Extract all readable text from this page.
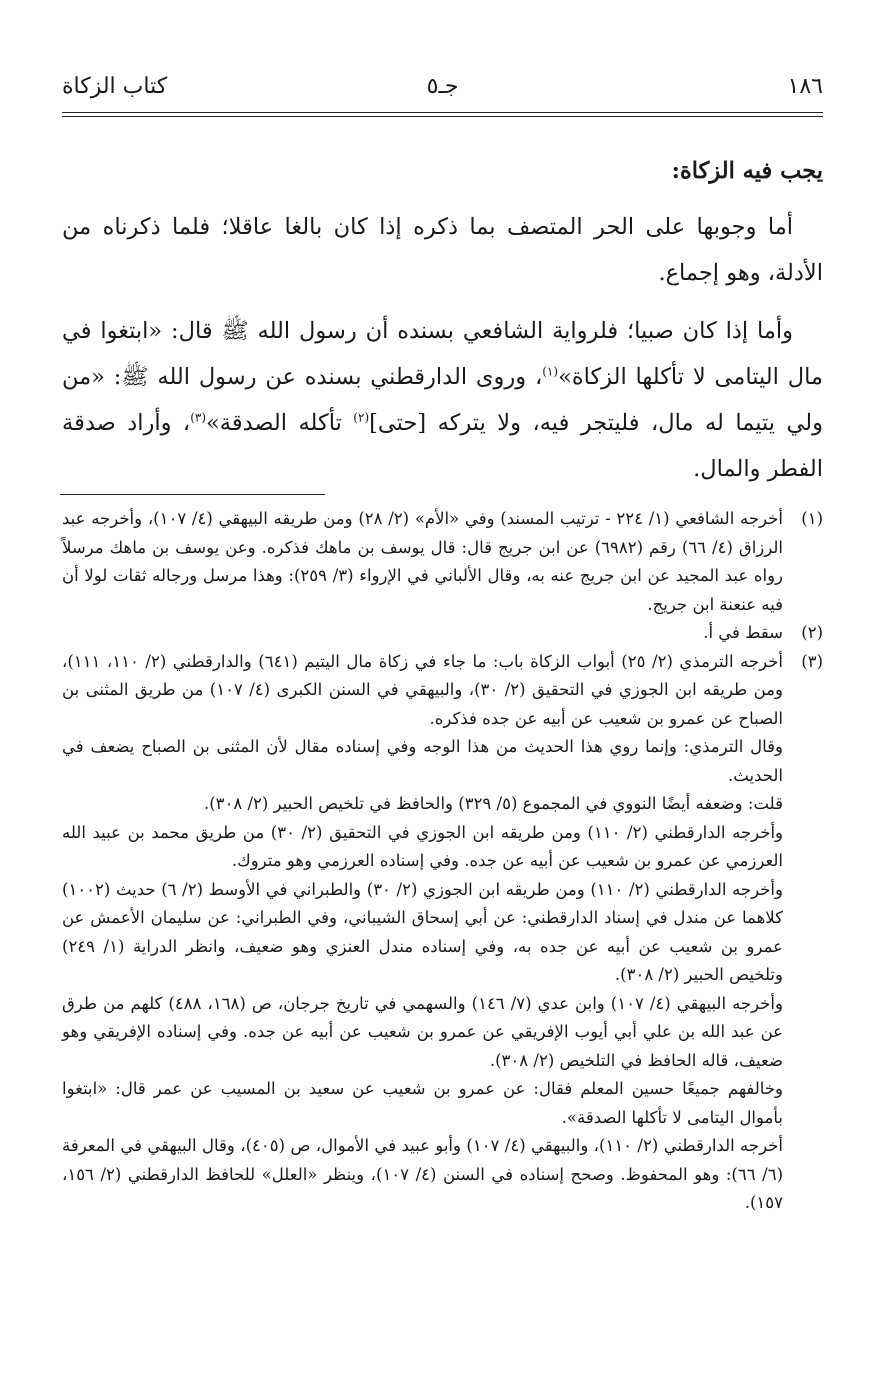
١٨٦
جـ٥
كتاب الزكاة
يجب فيه الزكاة:

أما وجوبها على الحر المتصف بما ذكره إذا كان بالغا عاقلا؛ فلما ذكرناه من الأدلة، وهو إجماع.

وأما إذا كان صبيا؛ فلرواية الشافعي بسنده أن رسول الله ﷺ قال: «ابتغوا في مال اليتامى لا تأكلها الزكاة»$^{(١)}$، وروى الدارقطني بسنده عن رسول الله ﷺ: «من ولي يتيما له مال، فليتجر فيه، ولا يتركه [حتى]$^{(٢)}$ تأكله الصدقة»$^{(٣)}$، وأراد صدقة الفطر والمال.

(١)

أخرجه الشافعي (١/ ٢٢٤ - ترتيب المسند) وفي «الأم» (٢/ ٢٨) ومن طريقه البيهقي (٤/ ١٠٧)، وأخرجه عبد الرزاق (٤/ ٦٦) رقم (٦٩٨٢) عن ابن جريج قال: قال يوسف بن ماهك فذكره. وعن يوسف بن ماهك مرسلاً رواه عبد المجيد عن ابن جريج عنه به، وقال الألباني في الإرواء (٣/ ٢٥٩): وهذا مرسل ورجاله ثقات لولا أن فيه عنعنة ابن جريج.

(٢)

سقط في أ.

(٣)

أخرجه الترمذي (٢/ ٢٥) أبواب الزكاة باب: ما جاء في زكاة مال اليتيم (٦٤١) والدارقطني (٢/ ١١٠، ١١١)، ومن طريقه ابن الجوزي في التحقيق (٢/ ٣٠)، والبيهقي في السنن الكبرى (٤/ ١٠٧) من طريق المثنى بن الصباح عن عمرو بن شعيب عن أبيه عن جده فذكره.

وقال الترمذي: وإنما روي هذا الحديث من هذا الوجه وفي إسناده مقال لأن المثنى بن الصباح يضعف في الحديث.

قلت: وضعفه أيضًا النووي في المجموع (٥/ ٣٢٩) والحافظ في تلخيص الحبير (٢/ ٣٠٨).

وأخرجه الدارقطني (٢/ ١١٠) ومن طريقه ابن الجوزي في التحقيق (٢/ ٣٠) من طريق محمد بن عبيد الله العرزمي عن عمرو بن شعيب عن أبيه عن جده. وفي إسناده العرزمي وهو متروك.

وأخرجه الدارقطني (٢/ ١١٠) ومن طريقه ابن الجوزي (٢/ ٣٠) والطبراني في الأوسط (٢/ ٦) حديث (١٠٠٢) كلاهما عن مندل في إسناد الدارقطني: عن أبي إسحاق الشيباني، وفي الطبراني: عن سليمان الأعمش عن عمرو بن شعيب عن أبيه عن جده به، وفي إسناده مندل العنزي وهو ضعيف، وانظر الدراية (١/ ٢٤٩) وتلخيص الحبير (٢/ ٣٠٨).

وأخرجه البيهقي (٤/ ١٠٧) وابن عدي (٧/ ١٤٦) والسهمي في تاريخ جرجان، ص (١٦٨، ٤٨٨) كلهم من طرق عن عبد الله بن علي أبي أيوب الإفريقي عن عمرو بن شعيب عن أبيه عن جده. وفي إسناده الإفريقي وهو ضعيف، قاله الحافظ في التلخيص (٢/ ٣٠٨).

وخالفهم جميعًا حسين المعلم فقال: عن عمرو بن شعيب عن سعيد بن المسيب عن عمر قال: «ابتغوا بأموال اليتامى لا تأكلها الصدقة».

أخرجه الدارقطني (٢/ ١١٠)، والبيهقي (٤/ ١٠٧) وأبو عبيد في الأموال، ص (٤٠٥)، وقال البيهقي في المعرفة (٦/ ٦٦): وهو المحفوظ. وصحح إسناده في السنن (٤/ ١٠٧)، وينظر «العلل» للحافظ الدارقطني (٢/ ١٥٦، ١٥٧).
